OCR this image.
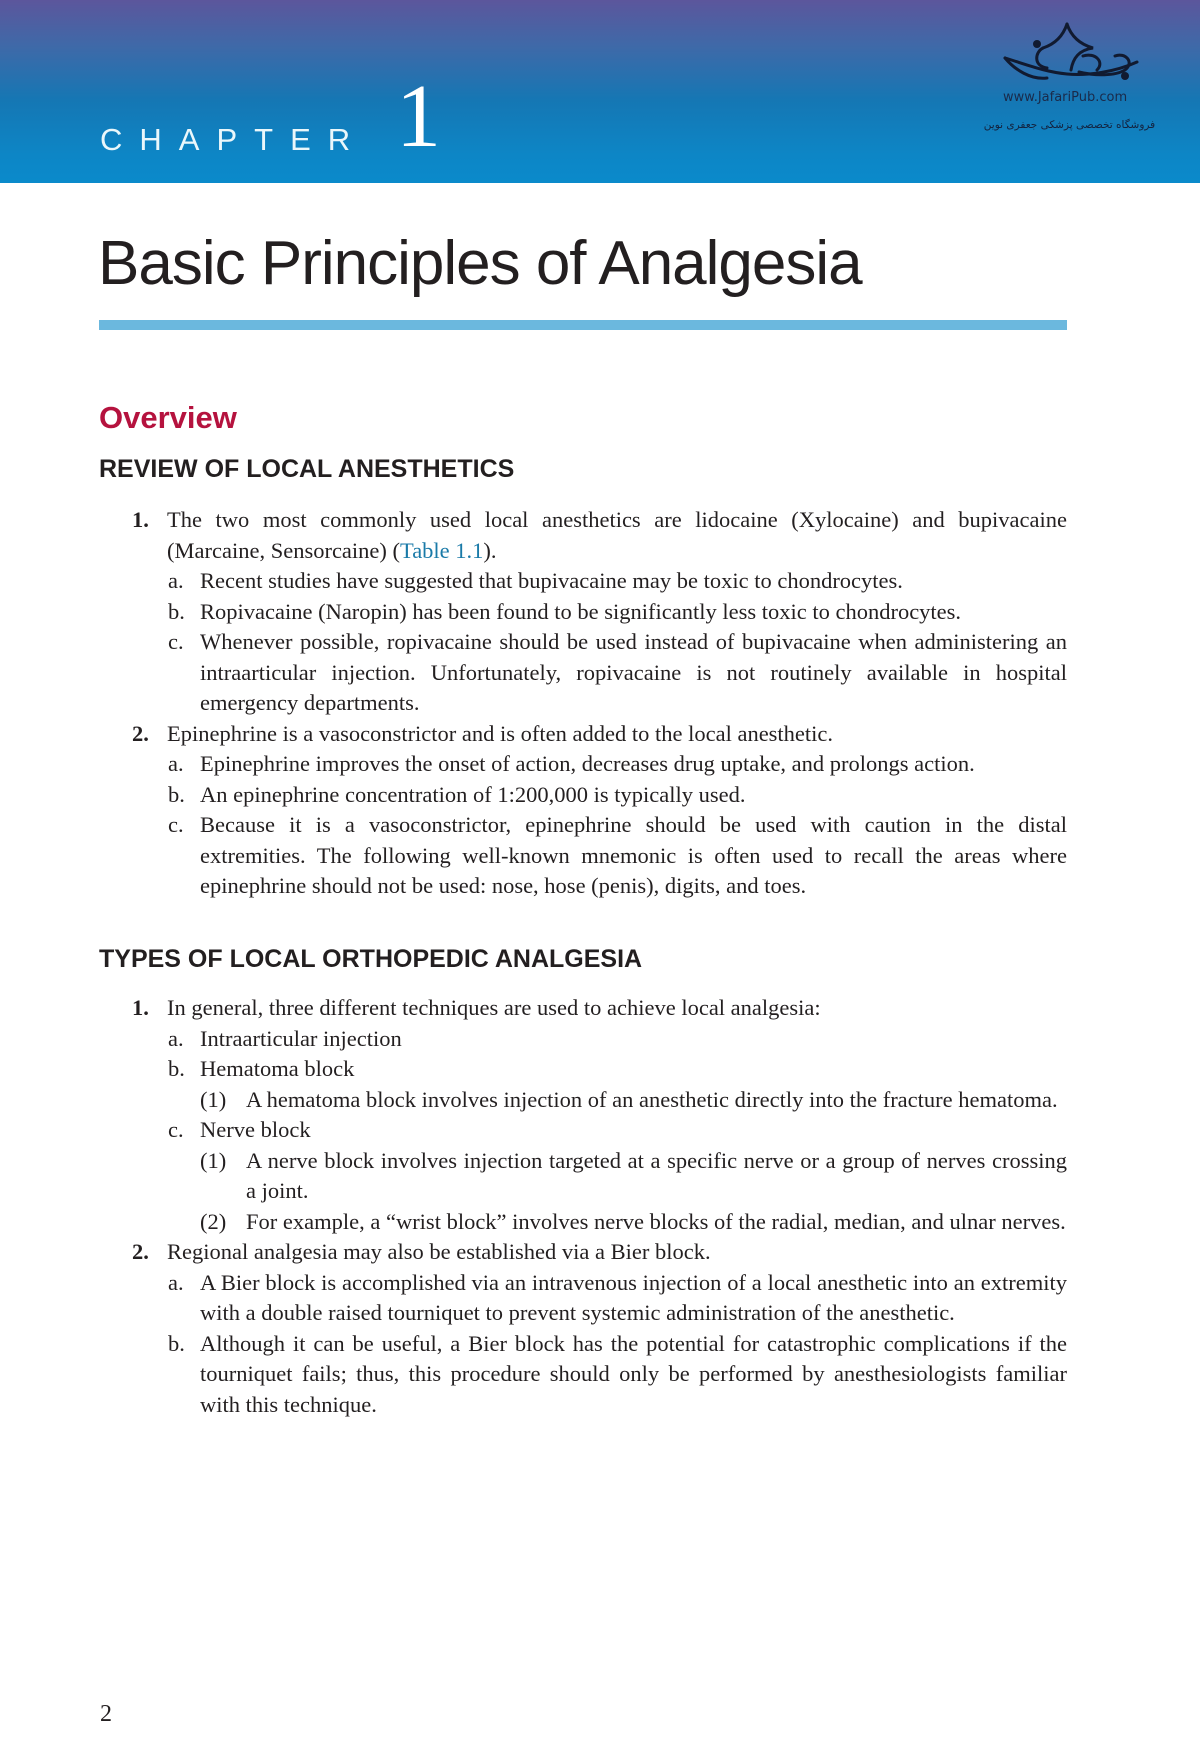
CHAPTER 1	www.JafariPub.com
فروشگاه تخصصی پزشکی جعفری نوین
Basic Principles of Analgesia
Overview
REVIEW OF LOCAL ANESTHETICS
1. The two most commonly used local anesthetics are lidocaine (Xylocaine) and bupivacaine (Marcaine, Sensorcaine) (Table 1.1).
a. Recent studies have suggested that bupivacaine may be toxic to chondrocytes.
b. Ropivacaine (Naropin) has been found to be significantly less toxic to chondrocytes.
c. Whenever possible, ropivacaine should be used instead of bupivacaine when administering an intraarticular injection. Unfortunately, ropivacaine is not routinely available in hospital emergency departments.
2. Epinephrine is a vasoconstrictor and is often added to the local anesthetic.
a. Epinephrine improves the onset of action, decreases drug uptake, and prolongs action.
b. An epinephrine concentration of 1:200,000 is typically used.
c. Because it is a vasoconstrictor, epinephrine should be used with caution in the distal extremities. The following well-known mnemonic is often used to recall the areas where epinephrine should not be used: nose, hose (penis), digits, and toes.
TYPES OF LOCAL ORTHOPEDIC ANALGESIA
1. In general, three different techniques are used to achieve local analgesia:
a. Intraarticular injection
b. Hematoma block
(1) A hematoma block involves injection of an anesthetic directly into the fracture hematoma.
c. Nerve block
(1) A nerve block involves injection targeted at a specific nerve or a group of nerves crossing a joint.
(2) For example, a “wrist block” involves nerve blocks of the radial, median, and ulnar nerves.
2. Regional analgesia may also be established via a Bier block.
a. A Bier block is accomplished via an intravenous injection of a local anesthetic into an extremity with a double raised tourniquet to prevent systemic administration of the anesthetic.
b. Although it can be useful, a Bier block has the potential for catastrophic complications if the tourniquet fails; thus, this procedure should only be performed by anesthesiologists familiar with this technique.
2
